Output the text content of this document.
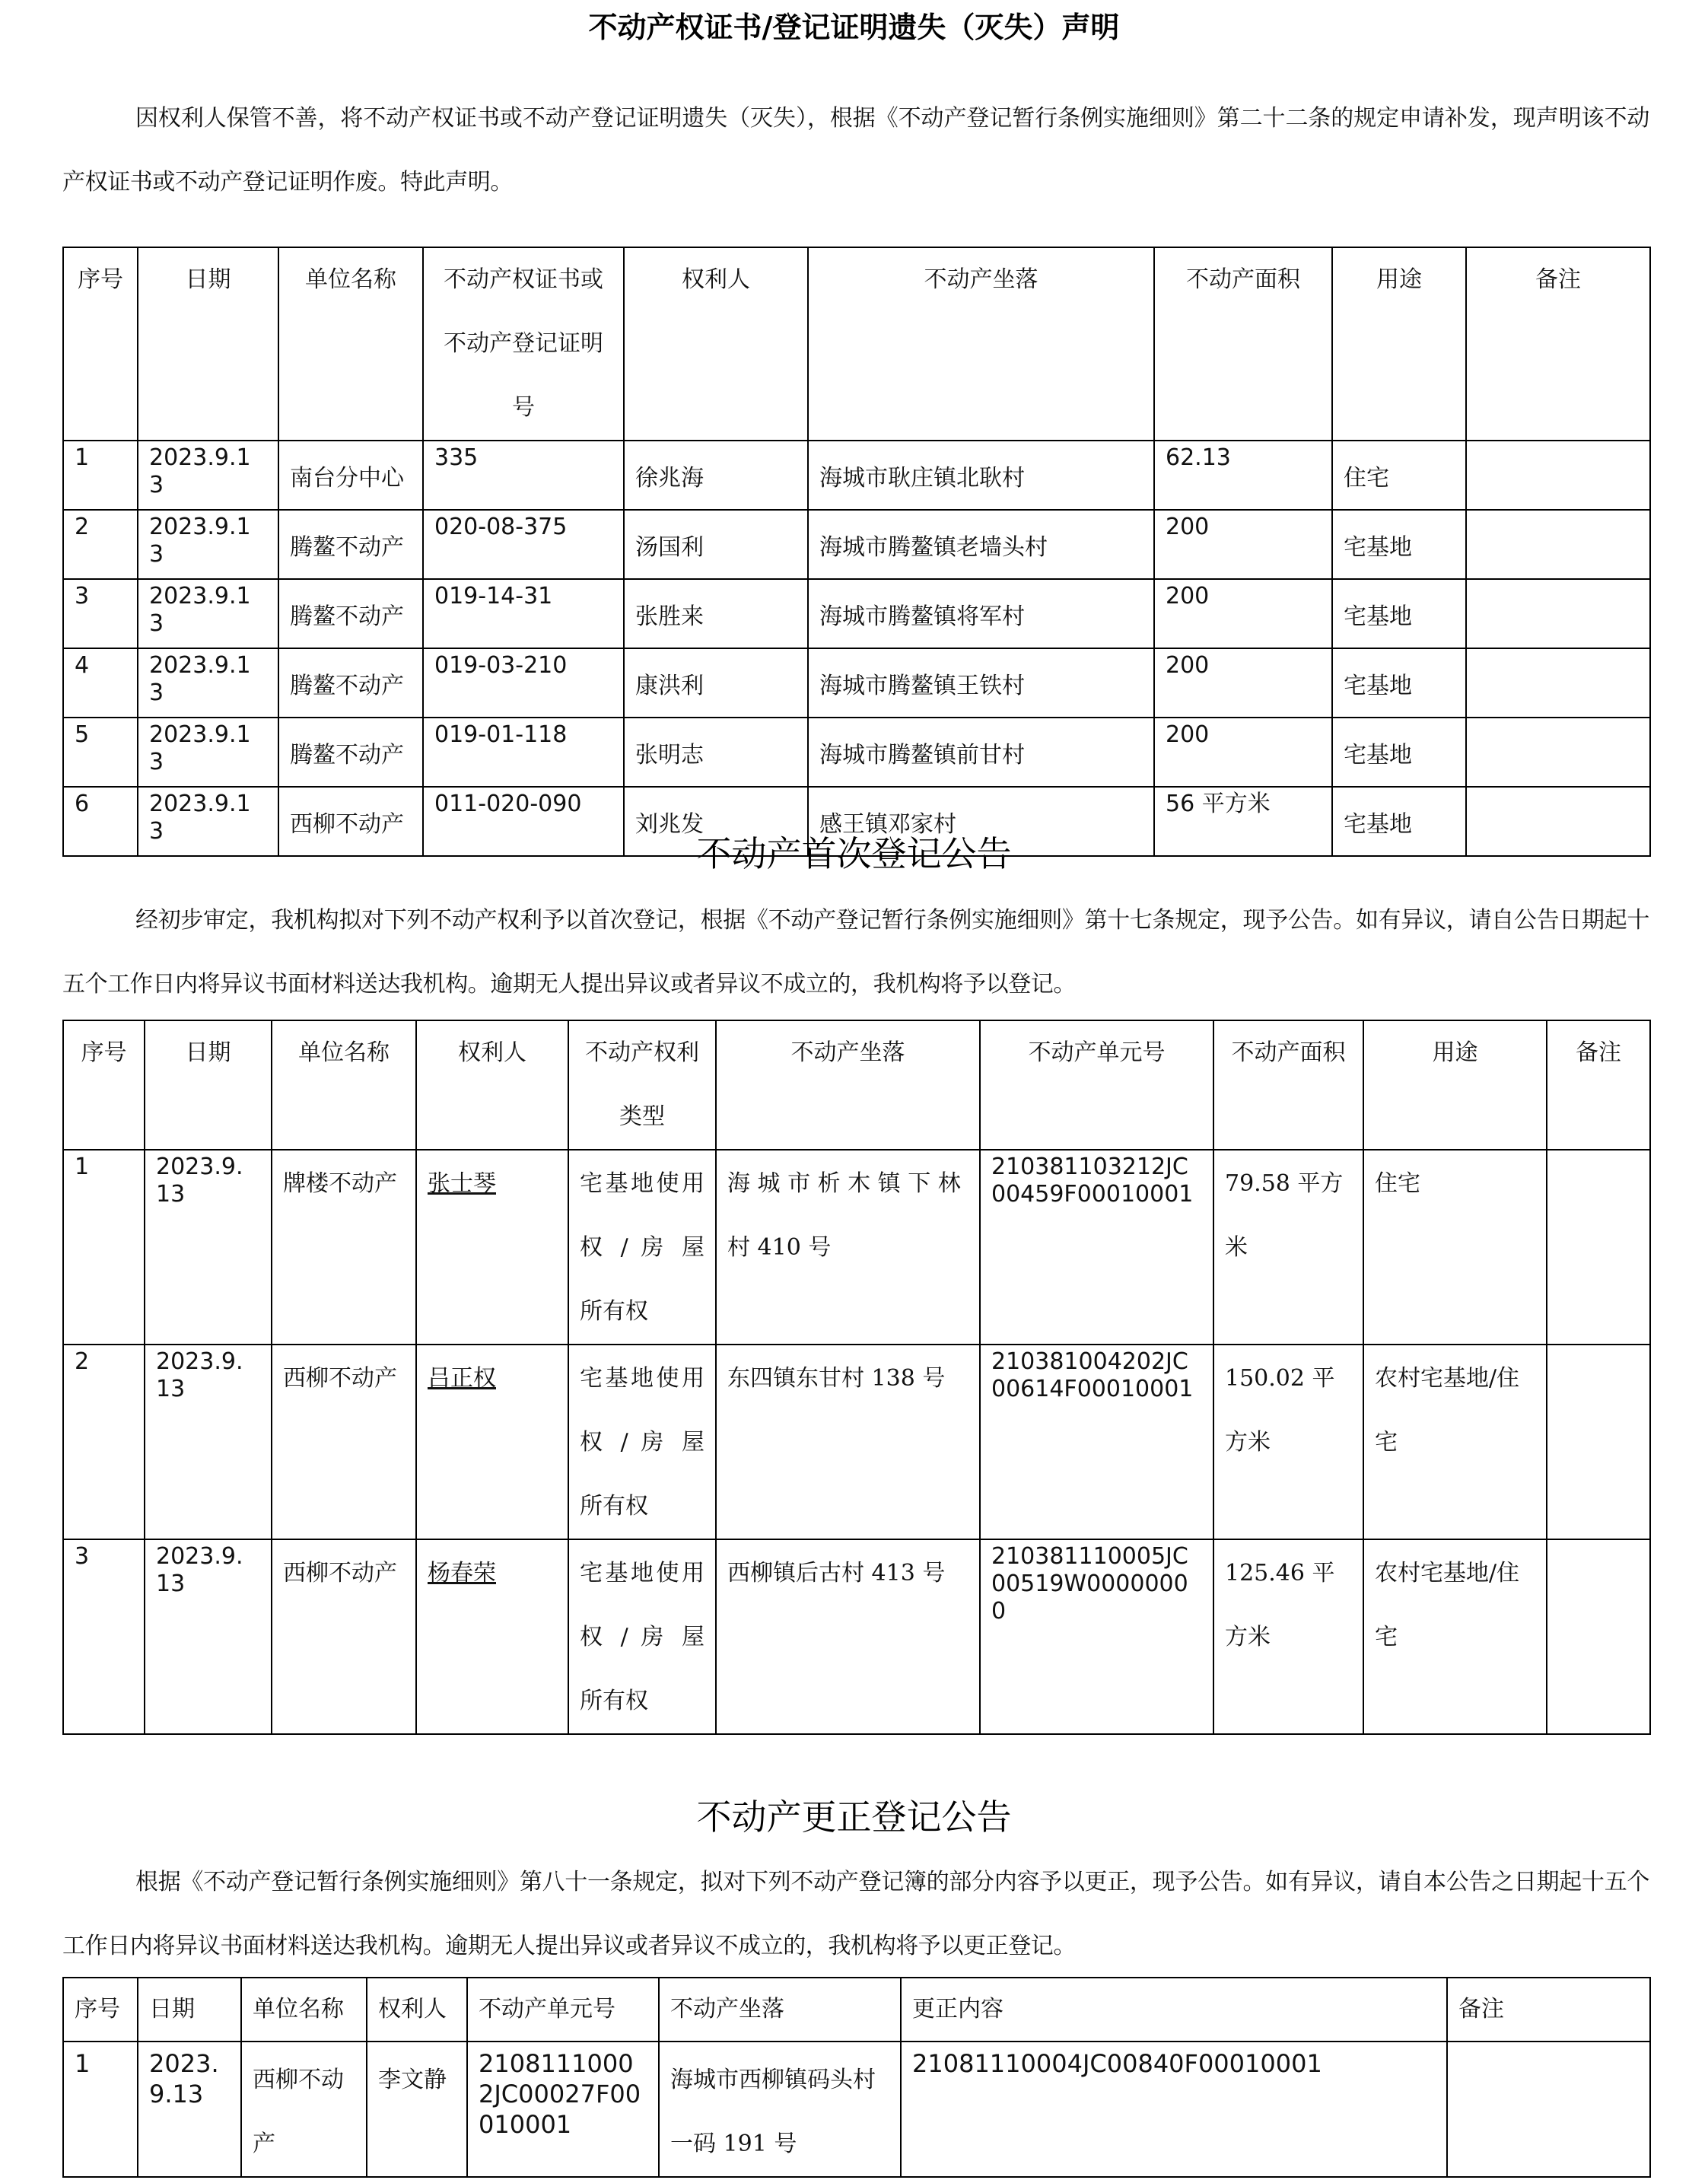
不动产权证书/登记证明遗失（灭失）声明

因权利人保管不善，将不动产权证书或不动产登记证明遗失（灭失），根据《不动产登记暂行条例实施细则》第二十二条的规定申请补发，现声明该不动产权证书或不动产登记证明作废。特此声明。

序号	日期	单位名称	不动产权证书或不动产登记证明号	权利人	不动产坐落	不动产面积	用途	备注
1	2023.9.13	南台分中心	335	徐兆海	海城市耿庄镇北耿村	62.13	住宅	
2	2023.9.13	腾鳌不动产	020-08-375	汤国利	海城市腾鳌镇老墙头村	200	宅基地	
3	2023.9.13	腾鳌不动产	019-14-31	张胜来	海城市腾鳌镇将军村	200	宅基地	
4	2023.9.13	腾鳌不动产	019-03-210	康洪利	海城市腾鳌镇王铁村	200	宅基地	
5	2023.9.13	腾鳌不动产	019-01-118	张明志	海城市腾鳌镇前甘村	200	宅基地	
6	2023.9.13	西柳不动产	011-020-090	刘兆发	感王镇邓家村	56 平方米	宅基地	
不动产首次登记公告

经初步审定，我机构拟对下列不动产权利予以首次登记，根据《不动产登记暂行条例实施细则》第十七条规定，现予公告。如有异议，请自公告日期起十五个工作日内将异议书面材料送达我机构。逾期无人提出异议或者异议不成立的，我机构将予以登记。

序号	日期	单位名称	权利人	不动产权利类型	不动产坐落	不动产单元号	不动产面积	用途	备注
1	2023.9.13	牌楼不动产	张士琴	宅基地使用权 / 房 屋 所有权	海 城 市 析 木 镇 下 林 村 410 号	210381103212JC00459F00010001	79.58 平方米	住宅	

2	2023.9.13	西柳不动产	吕正权	宅基地使用权 / 房 屋 所有权	东四镇东甘村 138 号	210381004202JC00614F00010001	150.02 平方米	农村宅基地/住宅	

3	2023.9.13	西柳不动产	杨春荣	宅基地使用权 / 房 屋 所有权	西柳镇后古村 413 号	210381110005JC00519W00000000	125.46 平方米	农村宅基地/住宅	

不动产更正登记公告

根据《不动产登记暂行条例实施细则》第八十一条规定，拟对下列不动产登记簿的部分内容予以更正，现予公告。如有异议，请自本公告之日期起十五个工作日内将异议书面材料送达我机构。逾期无人提出异议或者异议不成立的，我机构将予以更正登记。

序号	日期	单位名称	权利人	不动产单元号	不动产坐落	更正内容	备注
1	2023.9.13	西柳不动产	李文静	21081110002JC00027F00010001	海城市西柳镇码头村一码 191 号	21081110004JC00840F00010001	
